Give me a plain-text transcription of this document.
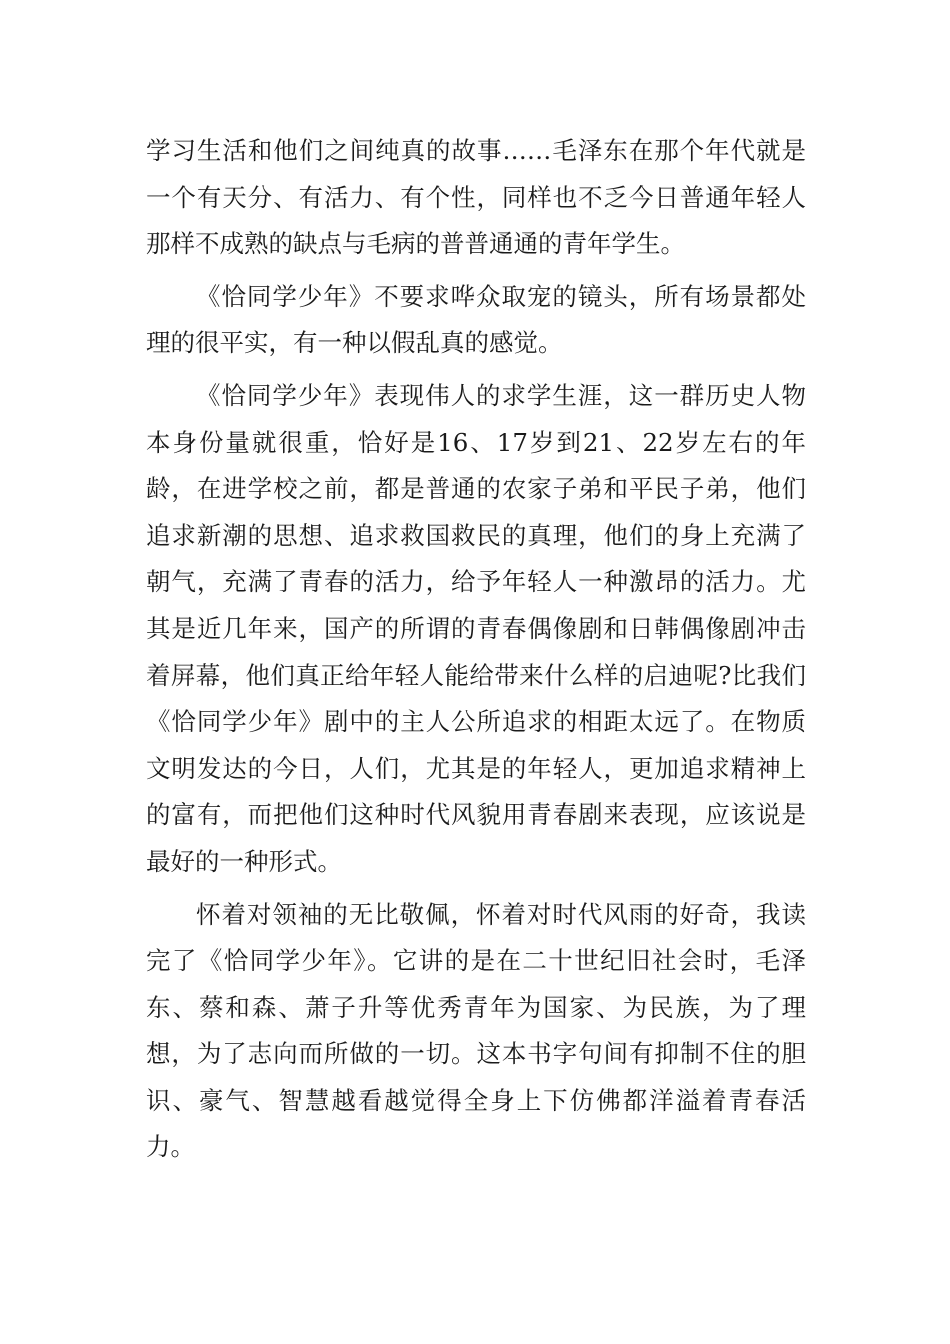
学习生活和他们之间纯真的故事……毛泽东在那个年代就是一个有天分、有活力、有个性，同样也不乏今日普通年轻人那样不成熟的缺点与毛病的普普通通的青年学生。

《恰同学少年》不要求哗众取宠的镜头，所有场景都处理的很平实，有一种以假乱真的感觉。

《恰同学少年》表现伟人的求学生涯，这一群历史人物本身份量就很重，恰好是16、17岁到21、22岁左右的年龄，在进学校之前，都是普通的农家子弟和平民子弟，他们追求新潮的思想、追求救国救民的真理，他们的身上充满了朝气，充满了青春的活力，给予年轻人一种激昂的活力。尤其是近几年来，国产的所谓的青春偶像剧和日韩偶像剧冲击着屏幕，他们真正给年轻人能给带来什么样的启迪呢?比我们《恰同学少年》剧中的主人公所追求的相距太远了。在物质文明发达的今日，人们，尤其是的年轻人，更加追求精神上的富有，而把他们这种时代风貌用青春剧来表现，应该说是最好的一种形式。

怀着对领袖的无比敬佩，怀着对时代风雨的好奇，我读完了《恰同学少年》。它讲的是在二十世纪旧社会时，毛泽东、蔡和森、萧子升等优秀青年为国家、为民族，为了理想，为了志向而所做的一切。这本书字句间有抑制不住的胆识、豪气、智慧越看越觉得全身上下仿佛都洋溢着青春活力。
